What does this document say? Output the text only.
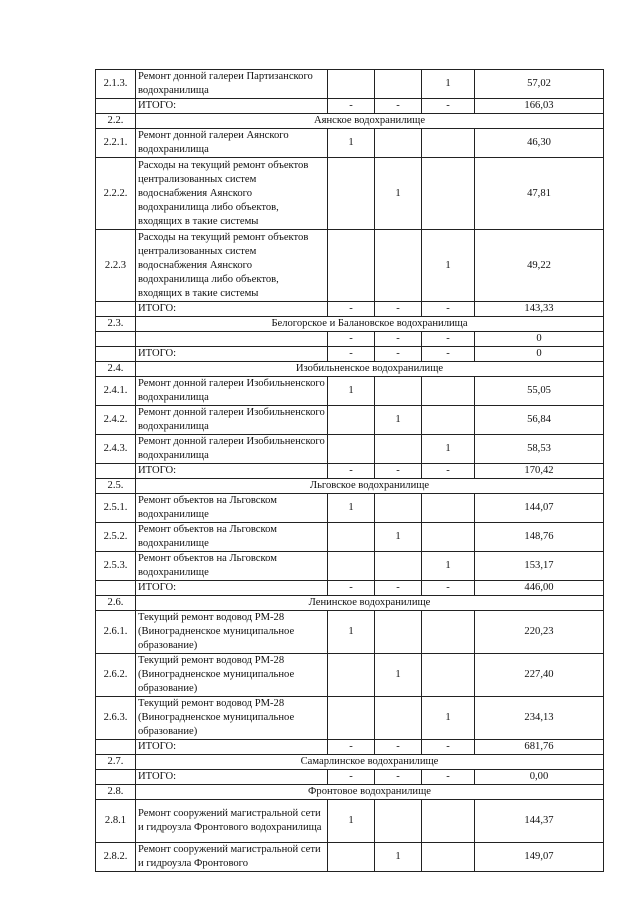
2.1.3.	Ремонт донной галереи Партизанского водохранилища			1	57,02
	ИТОГО:	-	-	-	166,03
2.2.	Аянское водохранилище				
2.2.1.	Ремонт донной галереи Аянского водохранилища	1			46,30
2.2.2.	Расходы на текущий ремонт объектов централизованных систем водоснабжения Аянского водохранилища либо объектов, входящих в такие системы		1		47,81
2.2.3	Расходы на текущий ремонт объектов централизованных систем водоснабжения Аянского водохранилища либо объектов, входящих в такие системы			1	49,22
	ИТОГО:	-	-	-	143,33
2.3.	Белогорское и Балановское водохранилища				
		-	-	-	0
	ИТОГО:	-	-	-	0
2.4.	Изобильненское водохранилище				
2.4.1.	Ремонт донной галереи Изобильненского водохранилища	1			55,05
2.4.2.	Ремонт донной галереи Изобильненского водохранилища		1		56,84
2.4.3.	Ремонт донной галереи Изобильненского водохранилища			1	58,53
	ИТОГО:	-	-	-	170,42
2.5.	Льговское водохранилище				
2.5.1.	Ремонт объектов на Льговском водохранилище	1			144,07
2.5.2.	Ремонт объектов на Льговском водохранилище		1		148,76
2.5.3.	Ремонт объектов на Льговском водохранилище			1	153,17
	ИТОГО:	-	-	-	446,00
2.6.	Ленинское водохранилище				
2.6.1.	Текущий ремонт водовод РМ-28 (Виноградненское муниципальное образование)	1			220,23
2.6.2.	Текущий ремонт водовод РМ-28 (Виноградненское муниципальное образование)		1		227,40
2.6.3.	Текущий ремонт водовод РМ-28 (Виноградненское муниципальное образование)			1	234,13
	ИТОГО:	-	-	-	681,76
2.7.	Самарлинское водохранилище				
	ИТОГО:	-	-	-	0,00
2.8.	Фронтовое водохранилище				
2.8.1	Ремонт сооружений магистральной сети и гидроузла Фронтового водохранилища	1			144,37
2.8.2.	Ремонт сооружений магистральной сети и гидроузла Фронтового		1		149,07
